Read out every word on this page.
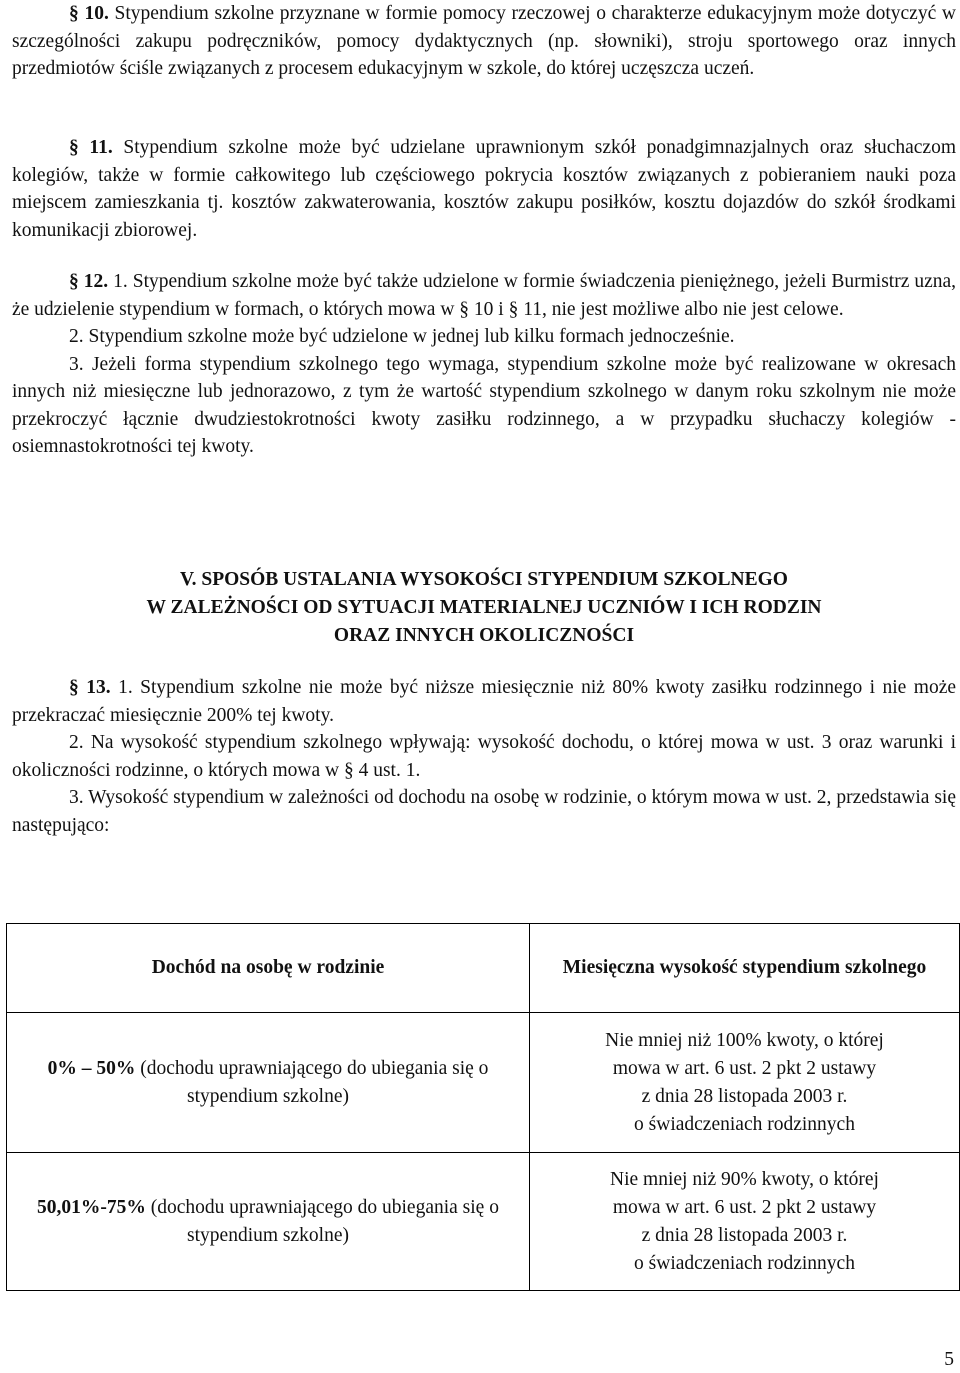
§ 10. Stypendium szkolne przyznane w formie pomocy rzeczowej o charakterze edukacyjnym może dotyczyć w szczególności zakupu podręczników, pomocy dydaktycznych (np. słowniki), stroju sportowego oraz innych przedmiotów ściśle związanych z procesem edukacyjnym w szkole, do której uczęszcza uczeń.

§ 11. Stypendium szkolne może być udzielane uprawnionym szkół ponadgimnazjalnych oraz słuchaczom kolegiów, także w formie całkowitego lub częściowego pokrycia kosztów związanych z pobieraniem nauki poza miejscem zamieszkania tj. kosztów zakwaterowania, kosztów zakupu posiłków, kosztu dojazdów do szkół środkami komunikacji zbiorowej.

§ 12. 1. Stypendium szkolne może być także udzielone w formie świadczenia pieniężnego, jeżeli Burmistrz uzna, że udzielenie stypendium w formach, o których mowa w § 10 i § 11, nie jest możliwe albo nie jest celowe.

2. Stypendium szkolne może być udzielone w jednej lub kilku formach jednocześnie.

3. Jeżeli forma stypendium szkolnego tego wymaga, stypendium szkolne może być realizowane w okresach innych niż miesięczne lub jednorazowo, z tym że wartość stypendium szkolnego w danym roku szkolnym nie może przekroczyć łącznie dwudziestokrotności kwoty zasiłku rodzinnego, a w przypadku słuchaczy kolegiów - osiemnastokrotności tej kwoty.

V. SPOSÓB USTALANIA WYSOKOŚCI STYPENDIUM SZKOLNEGO
W ZALEŻNOŚCI OD SYTUACJI MATERIALNEJ UCZNIÓW I ICH RODZIN
ORAZ INNYCH OKOLICZNOŚCI

§ 13. 1. Stypendium szkolne nie może być niższe miesięcznie niż 80% kwoty zasiłku rodzinnego i nie może przekraczać miesięcznie 200% tej kwoty.

2. Na wysokość stypendium szkolnego wpływają: wysokość dochodu, o której mowa w ust. 3 oraz warunki i okoliczności rodzinne, o których mowa w § 4 ust. 1.

3. Wysokość stypendium w zależności od dochodu na osobę w rodzinie, o którym mowa w ust. 2, przedstawia się następująco:

Dochód na osobę w rodzinie	Miesięczna wysokość stypendium szkolnego
0% – 50% (dochodu uprawniającego do ubiegania się o stypendium szkolne)	Nie mniej niż 100% kwoty, o której
mowa w art. 6 ust. 2 pkt 2 ustawy
z dnia 28 listopada 2003 r.
o świadczeniach rodzinnych

50,01%-75% (dochodu uprawniającego do ubiegania się o stypendium szkolne)	Nie mniej niż 90% kwoty, o której
mowa w art. 6 ust. 2 pkt 2 ustawy
z dnia 28 listopada 2003 r.
o świadczeniach rodzinnych
5
